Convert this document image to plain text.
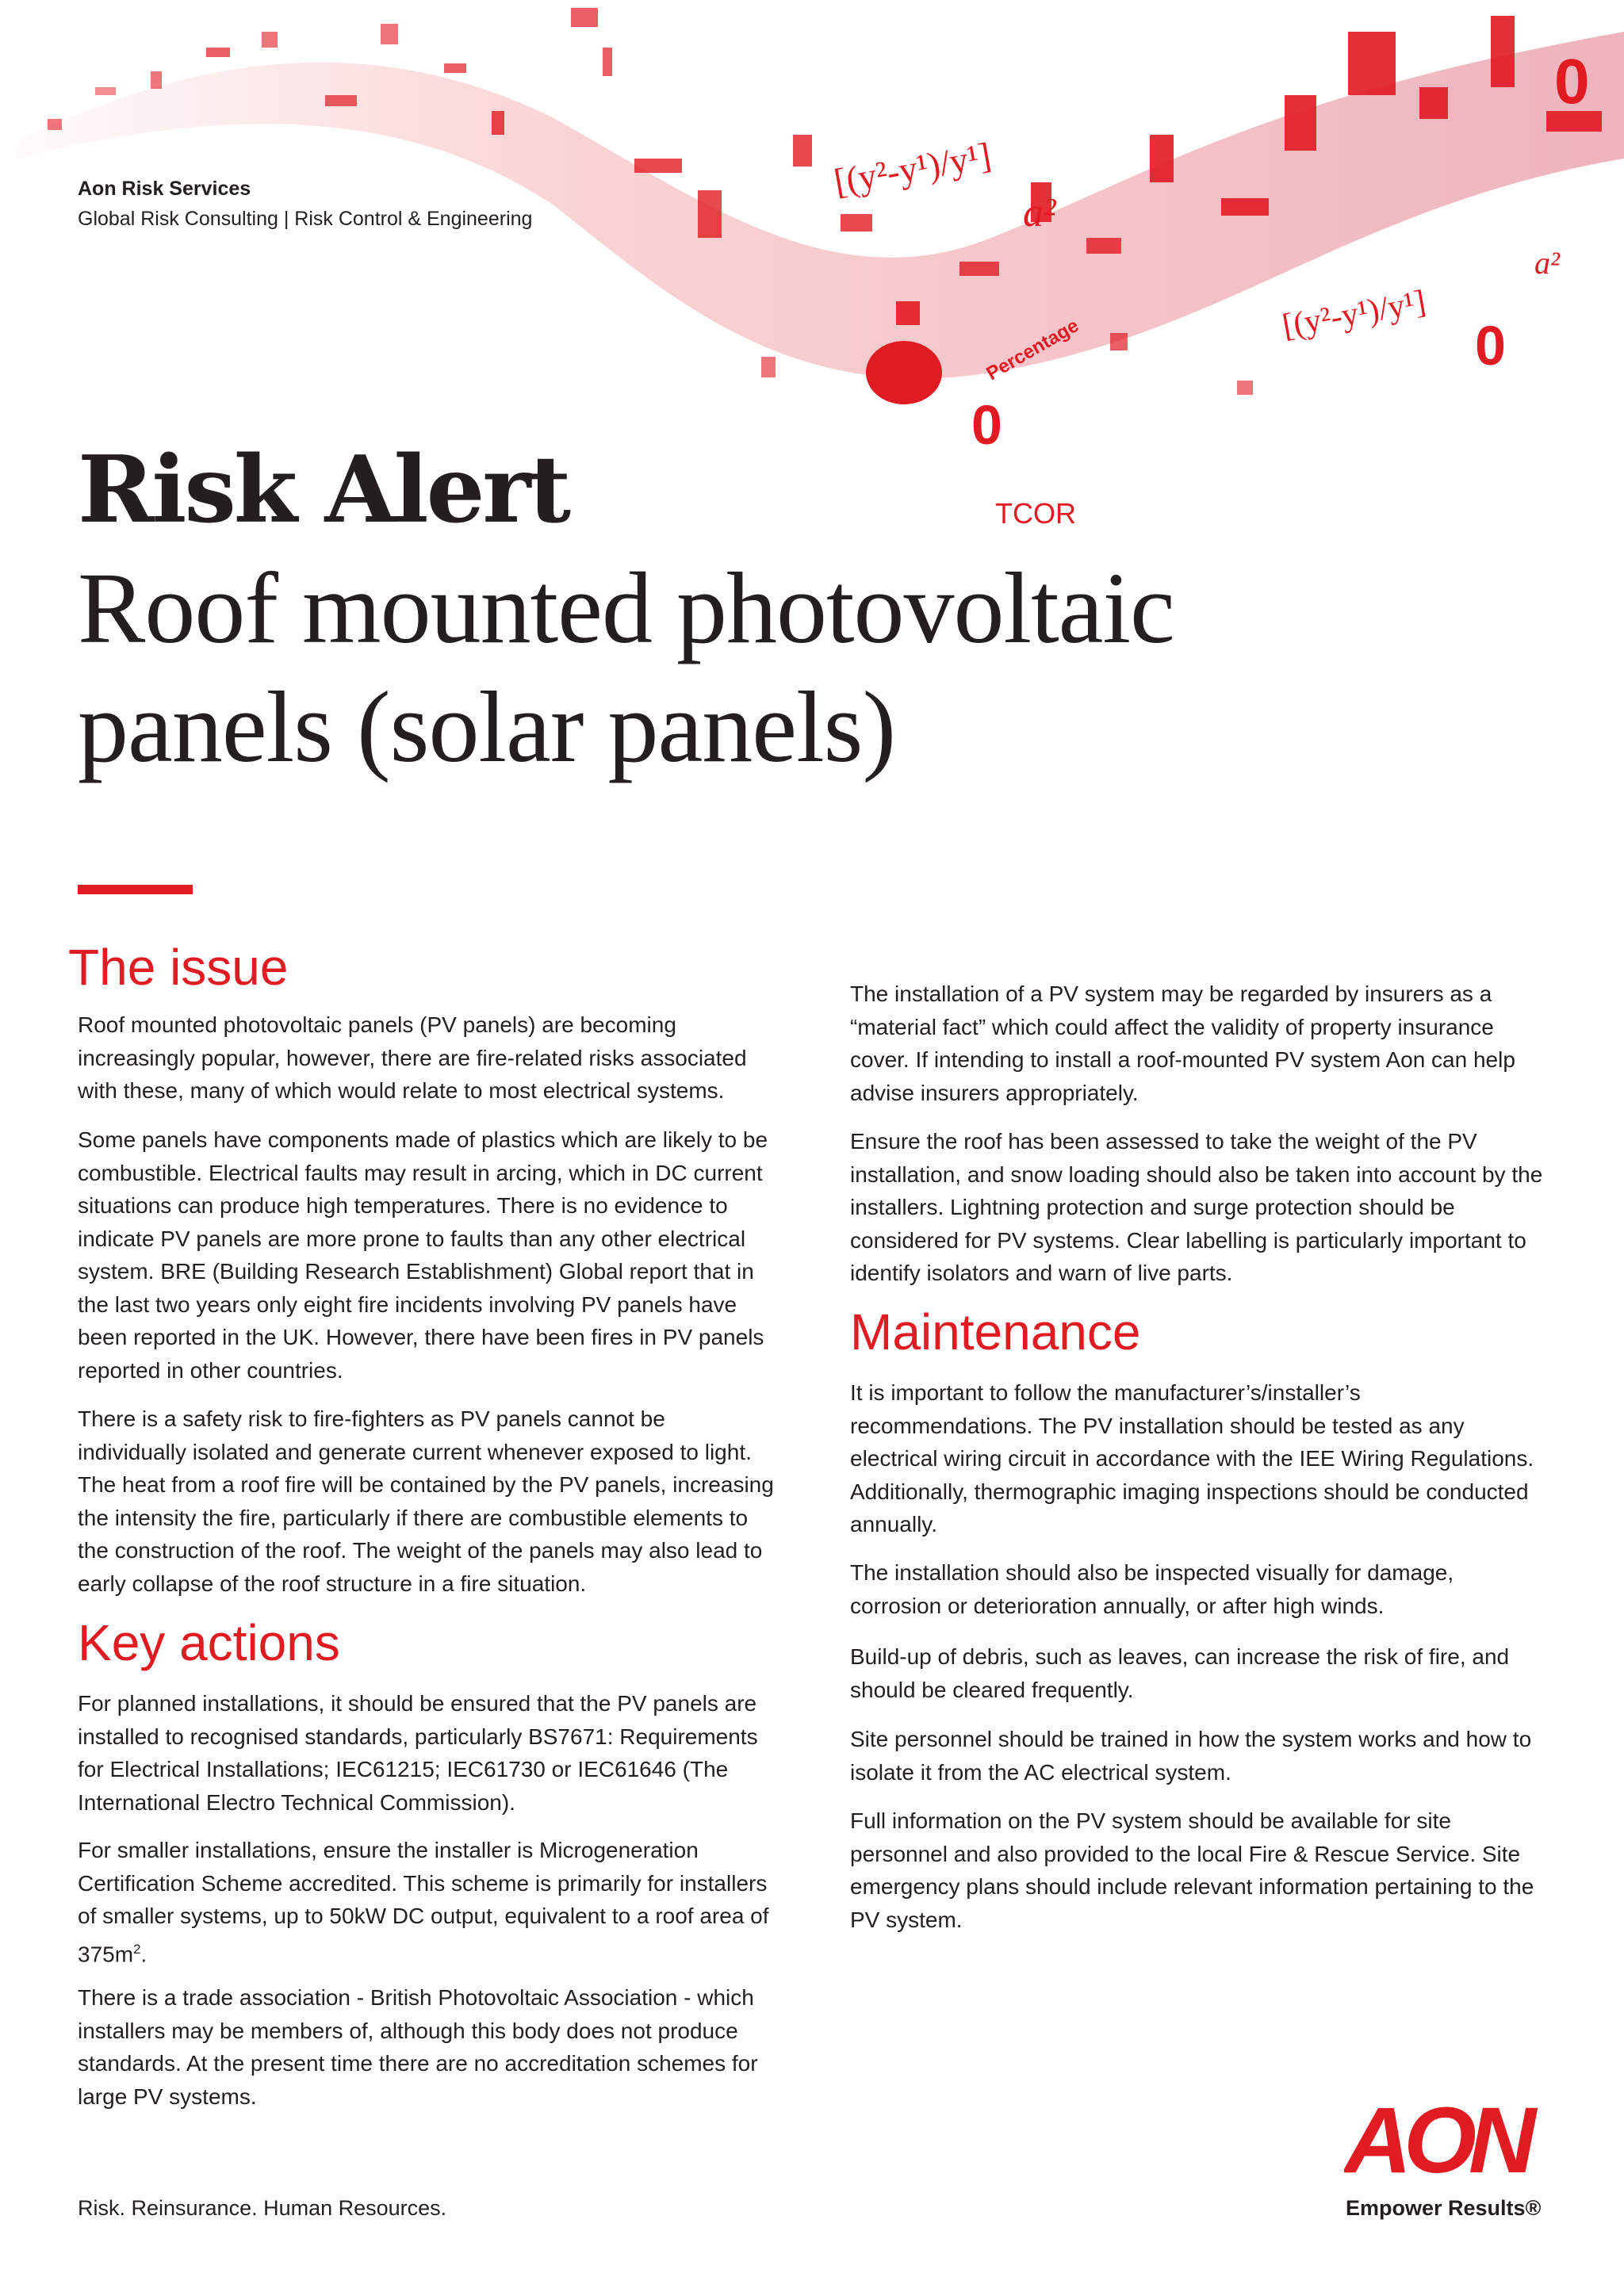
TCOR
Percentage
[(y²-y¹)/y¹]
[(y²-y¹)/y¹]
a²
a²
0
0
0
Aon Risk Services
Global Risk Consulting | Risk Control & Engineering
Risk Alert
Roof mounted photovoltaic
panels (solar panels)
The issue
Roof mounted photovoltaic panels (PV panels) are becoming increasingly popular, however, there are fire-related risks associated with these, many of which would relate to most electrical systems.
Some panels have components made of plastics which are likely to be combustible. Electrical faults may result in arcing, which in DC current situations can produce high temperatures. There is no evidence to indicate PV panels are more prone to faults than any other electrical system. BRE (Building Research Establishment) Global report that in the last two years only eight fire incidents involving PV panels have been reported in the UK. However, there have been fires in PV panels reported in other countries.
There is a safety risk to fire-fighters as PV panels cannot be individually isolated and generate current whenever exposed to light. The heat from a roof fire will be contained by the PV panels, increasing the intensity the fire, particularly if there are combustible elements to the construction of the roof. The weight of the panels may also lead to early collapse of the roof structure in a fire situation.
Key actions
For planned installations, it should be ensured that the PV panels are installed to recognised standards, particularly BS7671: Requirements for Electrical Installations; IEC61215; IEC61730 or IEC61646 (The International Electro Technical Commission).
For smaller installations, ensure the installer is Microgeneration Certification Scheme accredited. This scheme is primarily for installers of smaller systems, up to 50kW DC output, equivalent to a roof area of $375m^2$.
There is a trade association - British Photovoltaic Association - which installers may be members of, although this body does not produce standards. At the present time there are no accreditation schemes for large PV systems.
The installation of a PV system may be regarded by insurers as a “material fact” which could affect the validity of property insurance cover. If intending to install a roof-mounted PV system Aon can help advise insurers appropriately.
Ensure the roof has been assessed to take the weight of the PV installation, and snow loading should also be taken into account by the installers. Lightning protection and surge protection should be considered for PV systems. Clear labelling is particularly important to identify isolators and warn of live parts.
Maintenance
It is important to follow the manufacturer’s/installer’s recommendations. The PV installation should be tested as any electrical wiring circuit in accordance with the IEE Wiring Regulations. Additionally, thermographic imaging inspections should be conducted annually.
The installation should also be inspected visually for damage, corrosion or deterioration annually, or after high winds.
Build-up of debris, such as leaves, can increase the risk of fire, and should be cleared frequently.
Site personnel should be trained in how the system works and how to isolate it from the AC electrical system.
Full information on the PV system should be available for site personnel and also provided to the local Fire & Rescue Service. Site emergency plans should include relevant information pertaining to the PV system.
Risk. Reinsurance. Human Resources.
AON
Empower Results®
